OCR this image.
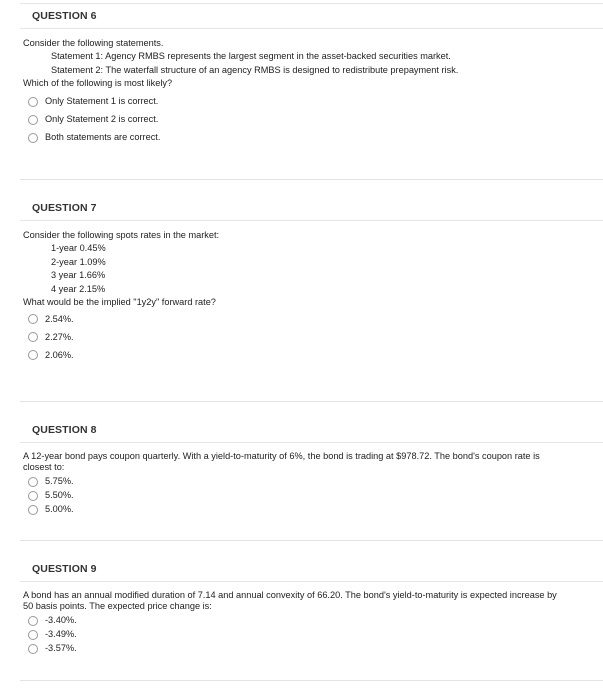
QUESTION 6
Consider the following statements.
Statement 1: Agency RMBS represents the largest segment in the asset-backed securities market.
Statement 2: The waterfall structure of an agency RMBS is designed to redistribute prepayment risk.
Which of the following is most likely?
Only Statement 1 is correct.
Only Statement 2 is correct.
Both statements are correct.
QUESTION 7
Consider the following spots rates in the market:
1-year 0.45%
2-year 1.09%
3 year 1.66%
4 year 2.15%
What would be the implied "1y2y" forward rate?
2.54%.
2.27%.
2.06%.
QUESTION 8
A 12-year bond pays coupon quarterly. With a yield-to-maturity of 6%, the bond is trading at $978.72. The bond's coupon rate is closest to:
5.75%.
5.50%.
5.00%.
QUESTION 9
A bond has an annual modified duration of 7.14 and annual convexity of 66.20. The bond's yield-to-maturity is expected increase by 50 basis points. The expected price change is:
-3.40%.
-3.49%.
-3.57%.
